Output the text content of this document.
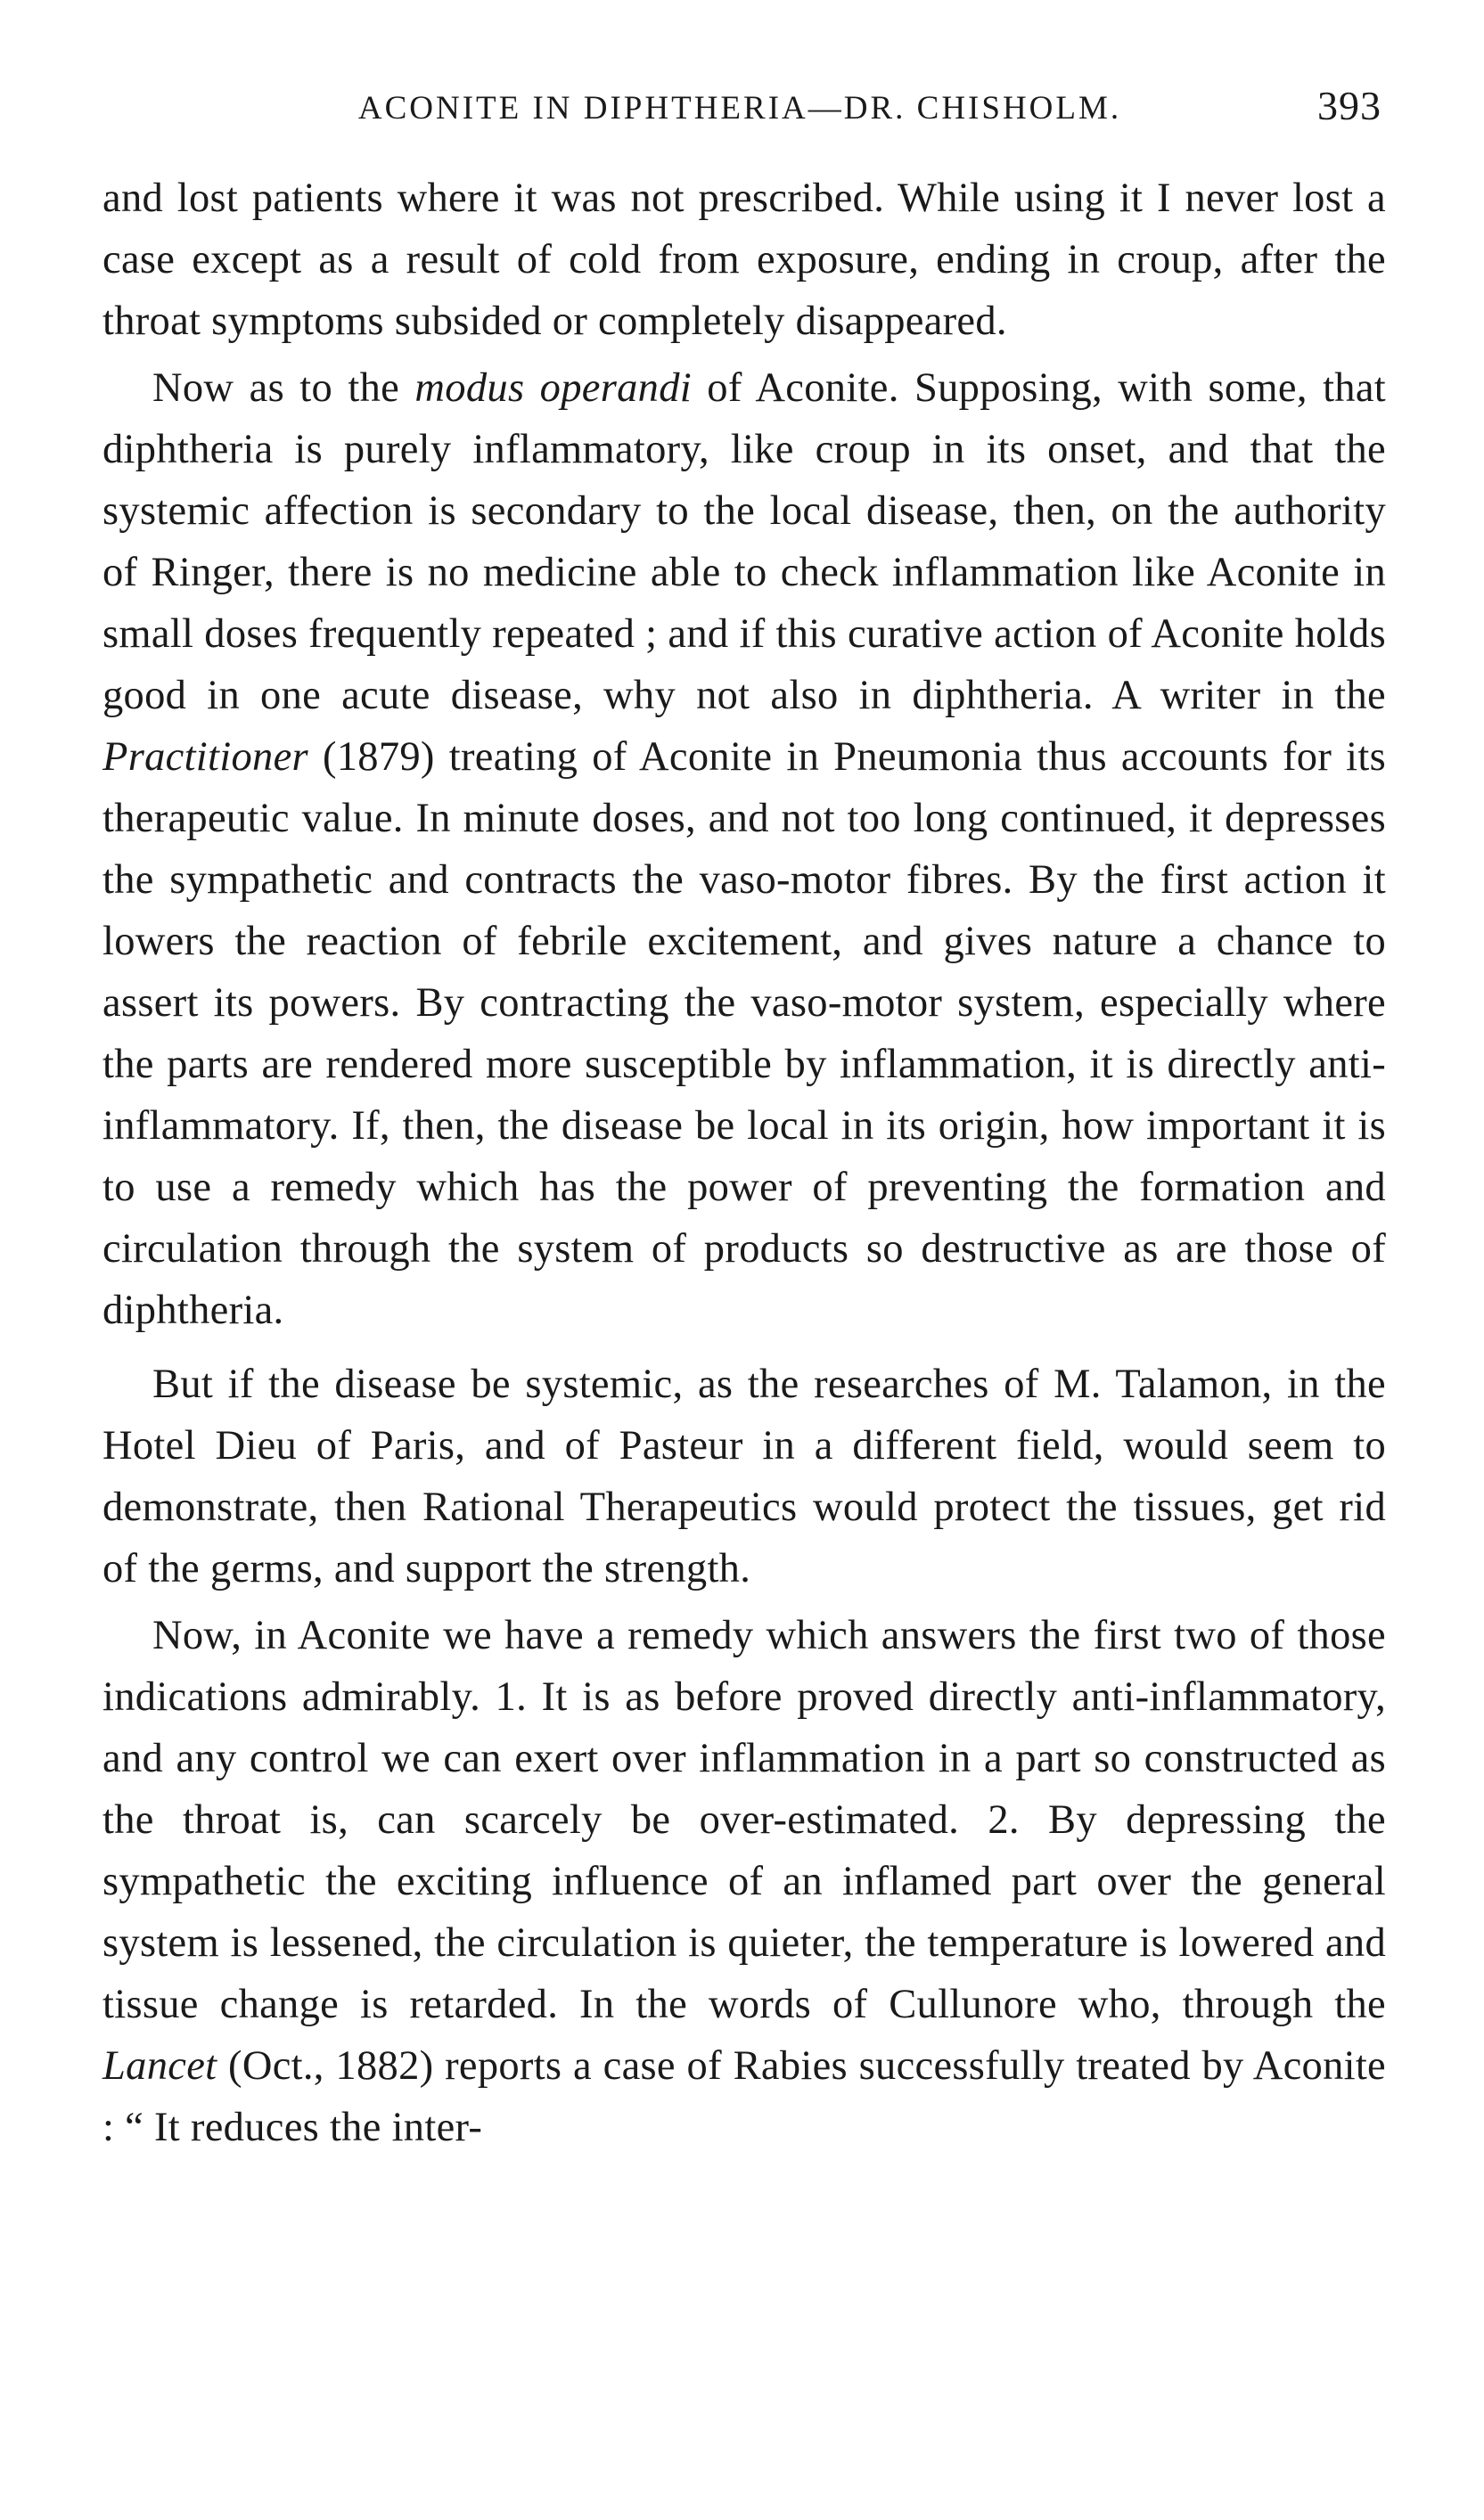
ACONITE IN DIPHTHERIA—DR. CHISHOLM.	393

and lost patients where it was not prescribed. While using it I never lost a case except as a result of cold from exposure, ending in croup, after the throat symptoms subsided or completely disappeared.

Now as to the modus operandi of Aconite. Supposing, with some, that diphtheria is purely inflammatory, like croup in its onset, and that the systemic affection is secondary to the local disease, then, on the authority of Ringer, there is no medicine able to check inflammation like Aconite in small doses frequently repeated ; and if this curative action of Aconite holds good in one acute disease, why not also in diphtheria. A writer in the Practitioner (1879) treating of Aconite in Pneumonia thus accounts for its therapeutic value. In minute doses, and not too long continued, it depresses the sympathetic and contracts the vaso-motor fibres. By the first action it lowers the reaction of febrile excitement, and gives nature a chance to assert its powers. By contracting the vaso-motor system, especially where the parts are rendered more susceptible by inflammation, it is directly anti-inflammatory. If, then, the disease be local in its origin, how important it is to use a remedy which has the power of preventing the formation and circulation through the system of products so destructive as are those of diphtheria.

But if the disease be systemic, as the researches of M. Talamon, in the Hotel Dieu of Paris, and of Pasteur in a different field, would seem to demonstrate, then Rational Therapeutics would protect the tissues, get rid of the germs, and support the strength.

Now, in Aconite we have a remedy which answers the first two of those indications admirably. 1. It is as before proved directly anti-inflammatory, and any control we can exert over inflammation in a part so constructed as the throat is, can scarcely be over-estimated. 2. By depressing the sympathetic the exciting influence of an inflamed part over the general system is lessened, the circulation is quieter, the temperature is lowered and tissue change is retarded. In the words of Cullunore who, through the Lancet (Oct., 1882) reports a case of Rabies successfully treated by Aconite : “ It reduces the inter-
